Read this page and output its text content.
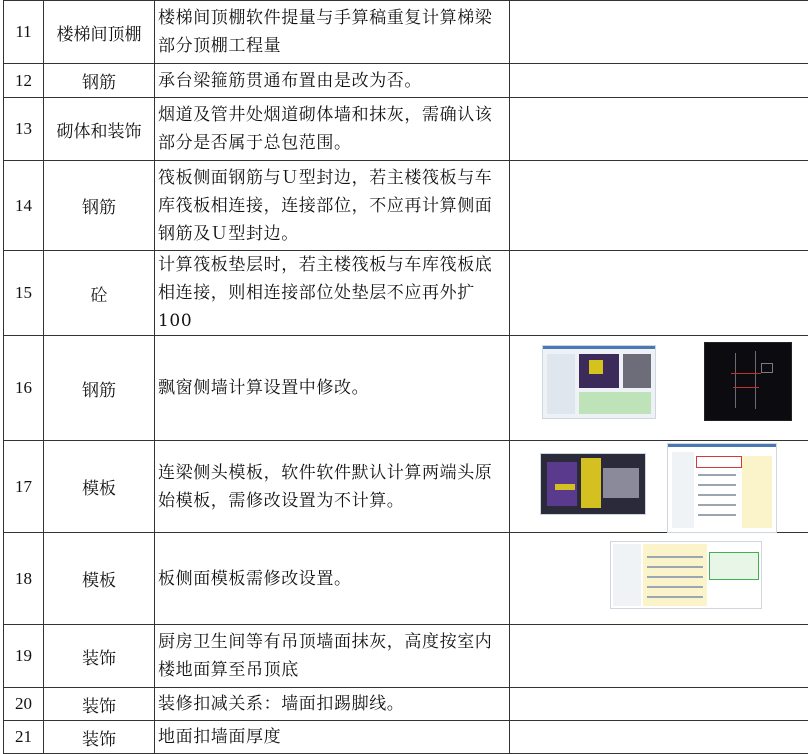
11	楼梯间顶棚	楼梯间顶棚软件提量与手算稿重复计算梯梁部分顶棚工程量	
12	钢筋	承台梁箍筋贯通布置由是改为否。	
13	砌体和装饰	烟道及管井处烟道砌体墙和抹灰，需确认该部分是否属于总包范围。	
14	钢筋	筏板侧面钢筋与Ｕ型封边，若主楼筏板与车库筏板相连接，连接部位，不应再计算侧面钢筋及Ｕ型封边。	
15	砼	计算筏板垫层时，若主楼筏板与车库筏板底相连接，则相连接部位处垫层不应再外扩 100	
16	钢筋	飘窗侧墙计算设置中修改。	

17	模板	连梁侧头模板，软件软件默认计算两端头原始模板，需修改设置为不计算。	

18	模板	板侧面模板需修改设置。	

19	装饰	厨房卫生间等有吊顶墙面抹灰，高度按室内楼地面算至吊顶底	
20	装饰	装修扣减关系：墙面扣踢脚线。	
21	装饰	地面扣墙面厚度	
